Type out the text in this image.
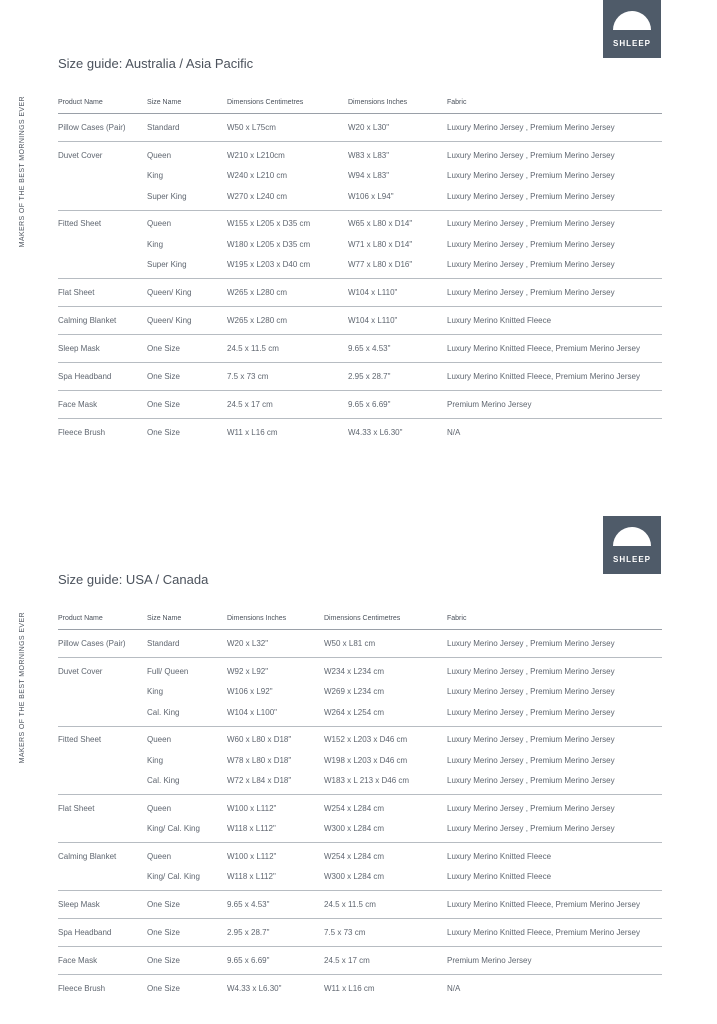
SHLEEP
Size guide: Australia / Asia Pacific
MAKERS OF THE BEST MORNINGS EVER	Product Name	Size Name	Dimensions Centimetres	Dimensions Inches	Fabric
Pillow Cases (Pair)	Standard	W50 x L75cm	W20 x L30"	Luxury Merino Jersey , Premium Merino Jersey
Duvet Cover	Queen	W210 x L210cm	W83 x L83"	Luxury Merino Jersey , Premium Merino Jersey
	King	W240 x L210 cm	W94 x L83"	Luxury Merino Jersey , Premium Merino Jersey
	Super King	W270 x L240 cm	W106 x L94"	Luxury Merino Jersey , Premium Merino Jersey
Fitted Sheet	Queen	W155 x L205 x D35 cm	W65 x L80 x D14"	Luxury Merino Jersey , Premium Merino Jersey
	King	W180 x L205 x D35 cm	W71 x L80 x D14"	Luxury Merino Jersey , Premium Merino Jersey
	Super King	W195 x L203 x D40 cm	W77 x L80 x D16"	Luxury Merino Jersey , Premium Merino Jersey
Flat Sheet	Queen/ King	W265 x L280 cm	W104 x L110"	Luxury Merino Jersey , Premium Merino Jersey
Calming Blanket	Queen/ King	W265 x L280 cm	W104 x L110"	Luxury Merino Knitted Fleece
Sleep Mask	One Size	24.5 x 11.5 cm	9.65 x 4.53"	Luxury Merino Knitted Fleece, Premium Merino Jersey
Spa Headband	One Size	7.5 x 73 cm	2.95 x 28.7"	Luxury Merino Knitted Fleece, Premium Merino Jersey
Face Mask	One Size	24.5 x 17 cm	9.65 x 6.69"	Premium Merino Jersey
Fleece Brush	One Size	W11 x L16 cm	W4.33 x L6.30"	N/A
SHLEEP
Size guide: USA / Canada
MAKERS OF THE BEST MORNINGS EVER	Product Name	Size Name	Dimensions Inches	Dimensions Centimetres	Fabric
Pillow Cases (Pair)	Standard	W20 x L32"	W50 x L81 cm	Luxury Merino Jersey , Premium Merino Jersey
Duvet Cover	Full/ Queen	W92 x L92"	W234 x L234 cm	Luxury Merino Jersey , Premium Merino Jersey
	King	W106 x L92"	W269 x L234 cm	Luxury Merino Jersey , Premium Merino Jersey
	Cal. King	W104 x L100"	W264 x L254 cm	Luxury Merino Jersey , Premium Merino Jersey
Fitted Sheet	Queen	W60 x L80 x D18"	W152 x L203 x D46 cm	Luxury Merino Jersey , Premium Merino Jersey
	King	W78 x L80 x D18"	W198 x L203 x D46 cm	Luxury Merino Jersey , Premium Merino Jersey
	Cal. King	W72 x L84 x D18"	W183 x L 213 x D46 cm	Luxury Merino Jersey , Premium Merino Jersey
Flat Sheet	Queen	W100 x L112"	W254 x L284 cm	Luxury Merino Jersey , Premium Merino Jersey
	King/ Cal. King	W118 x L112"	W300 x L284 cm	Luxury Merino Jersey , Premium Merino Jersey
Calming Blanket	Queen	W100 x L112"	W254 x L284 cm	Luxury Merino Knitted Fleece
	King/ Cal. King	W118 x L112"	W300 x L284 cm	Luxury Merino Knitted Fleece
Sleep Mask	One Size	9.65 x 4.53"	24.5 x 11.5 cm	Luxury Merino Knitted Fleece, Premium Merino Jersey
Spa Headband	One Size	2.95 x 28.7"	7.5 x 73 cm	Luxury Merino Knitted Fleece, Premium Merino Jersey
Face Mask	One Size	9.65 x 6.69"	24.5 x 17 cm	Premium Merino Jersey
Fleece Brush	One Size	W4.33 x L6.30"	W11 x L16 cm	N/A
